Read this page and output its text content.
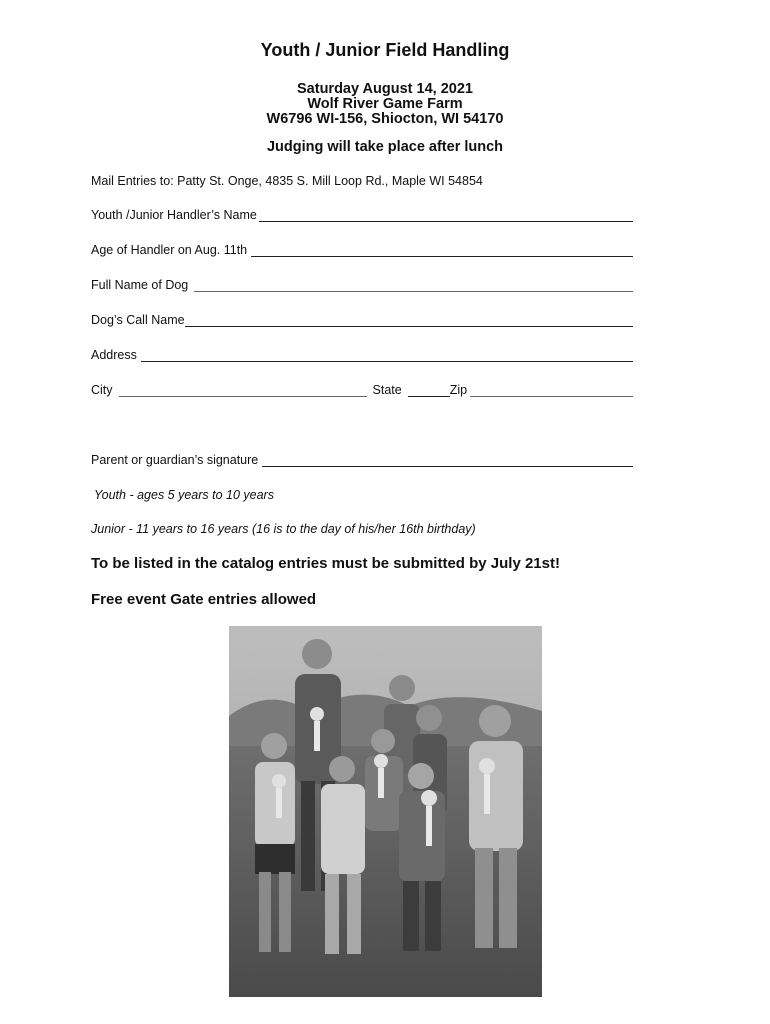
Youth / Junior Field Handling
Saturday August 14, 2021
Wolf River Game Farm
W6796 WI-156, Shiocton, WI 54170
Judging will take place after lunch
Mail Entries to: Patty St. Onge, 4835 S. Mill Loop Rd., Maple WI 54854
Youth /Junior Handler’s Name
Age of Handler on Aug. 11th
Full Name of Dog
Dog’s Call Name
Address
City	State	Zip
Parent or guardian’s signature
Youth - ages 5 years to 10 years
Junior - 11 years to 16 years (16 is to the day of his/her 16th birthday)
To be listed in the catalog entries must be submitted by July 21st!
Free event Gate entries allowed
